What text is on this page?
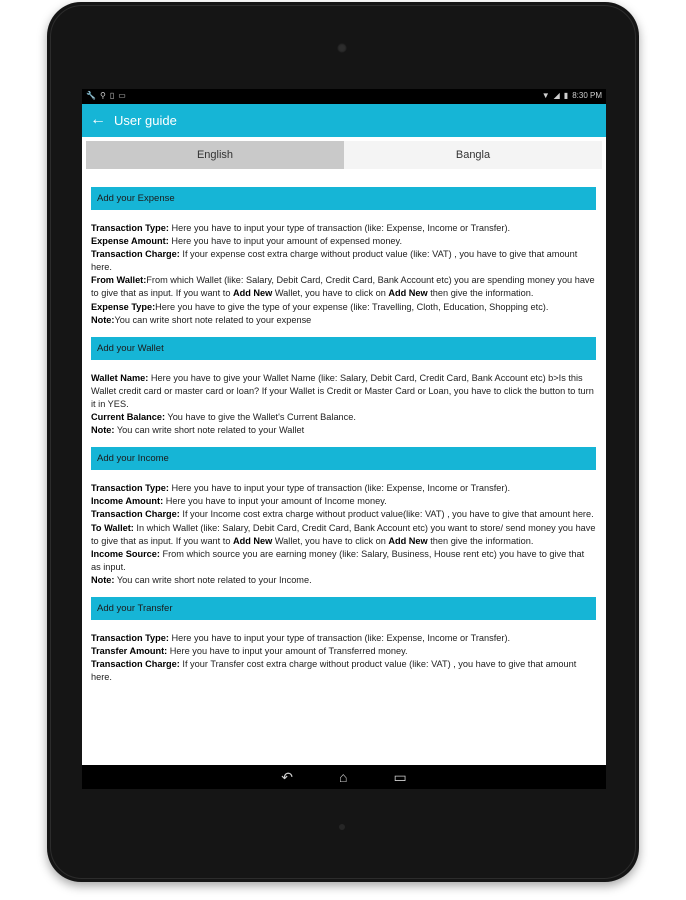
🔧 ⚲ ▯ ▭	▼ ◢ ▮ 8:30 PM
← User guide
English	Bangla
Add your Expense
Transaction Type: Here you have to input your type of transaction (like: Expense, Income or Transfer).
Expense Amount: Here you have to input your amount of expensed money.
Transaction Charge: If your expense cost extra charge without product value (like: VAT) , you have to give that amount here.
From Wallet:From which Wallet (like: Salary, Debit Card, Credit Card, Bank Account etc) you are spending money you have to give that as input. If you want to Add New Wallet, you have to click on Add New then give the information.
Expense Type:Here you have to give the type of your expense (like: Travelling, Cloth, Education, Shopping etc).
Note:You can write short note related to your expense
Add your Wallet
Wallet Name: Here you have to give your Wallet Name (like: Salary, Debit Card, Credit Card, Bank Account etc) b>Is this Wallet credit card or master card or loan? If your Wallet is Credit or Master Card or Loan, you have to click the button to turn it in YES.
Current Balance: You have to give the Wallet's Current Balance.
Note: You can write short note related to your Wallet
Add your Income
Transaction Type: Here you have to input your type of transaction (like: Expense, Income or Transfer).
Income Amount: Here you have to input your amount of Income money.
Transaction Charge: If your Income cost extra charge without product value(like: VAT) , you have to give that amount here.
To Wallet: In which Wallet (like: Salary, Debit Card, Credit Card, Bank Account etc) you want to store/ send money you have to give that as input. If you want to Add New Wallet, you have to click on Add New then give the information.
Income Source: From which source you are earning money (like: Salary, Business, House rent etc) you have to give that as input.
Note: You can write short note related to your Income.
Add your Transfer
Transaction Type: Here you have to input your type of transaction (like: Expense, Income or Transfer).
Transfer Amount: Here you have to input your amount of Transferred money.
Transaction Charge: If your Transfer cost extra charge without product value (like: VAT) , you have to give that amount here.
↶	⌂	▭
